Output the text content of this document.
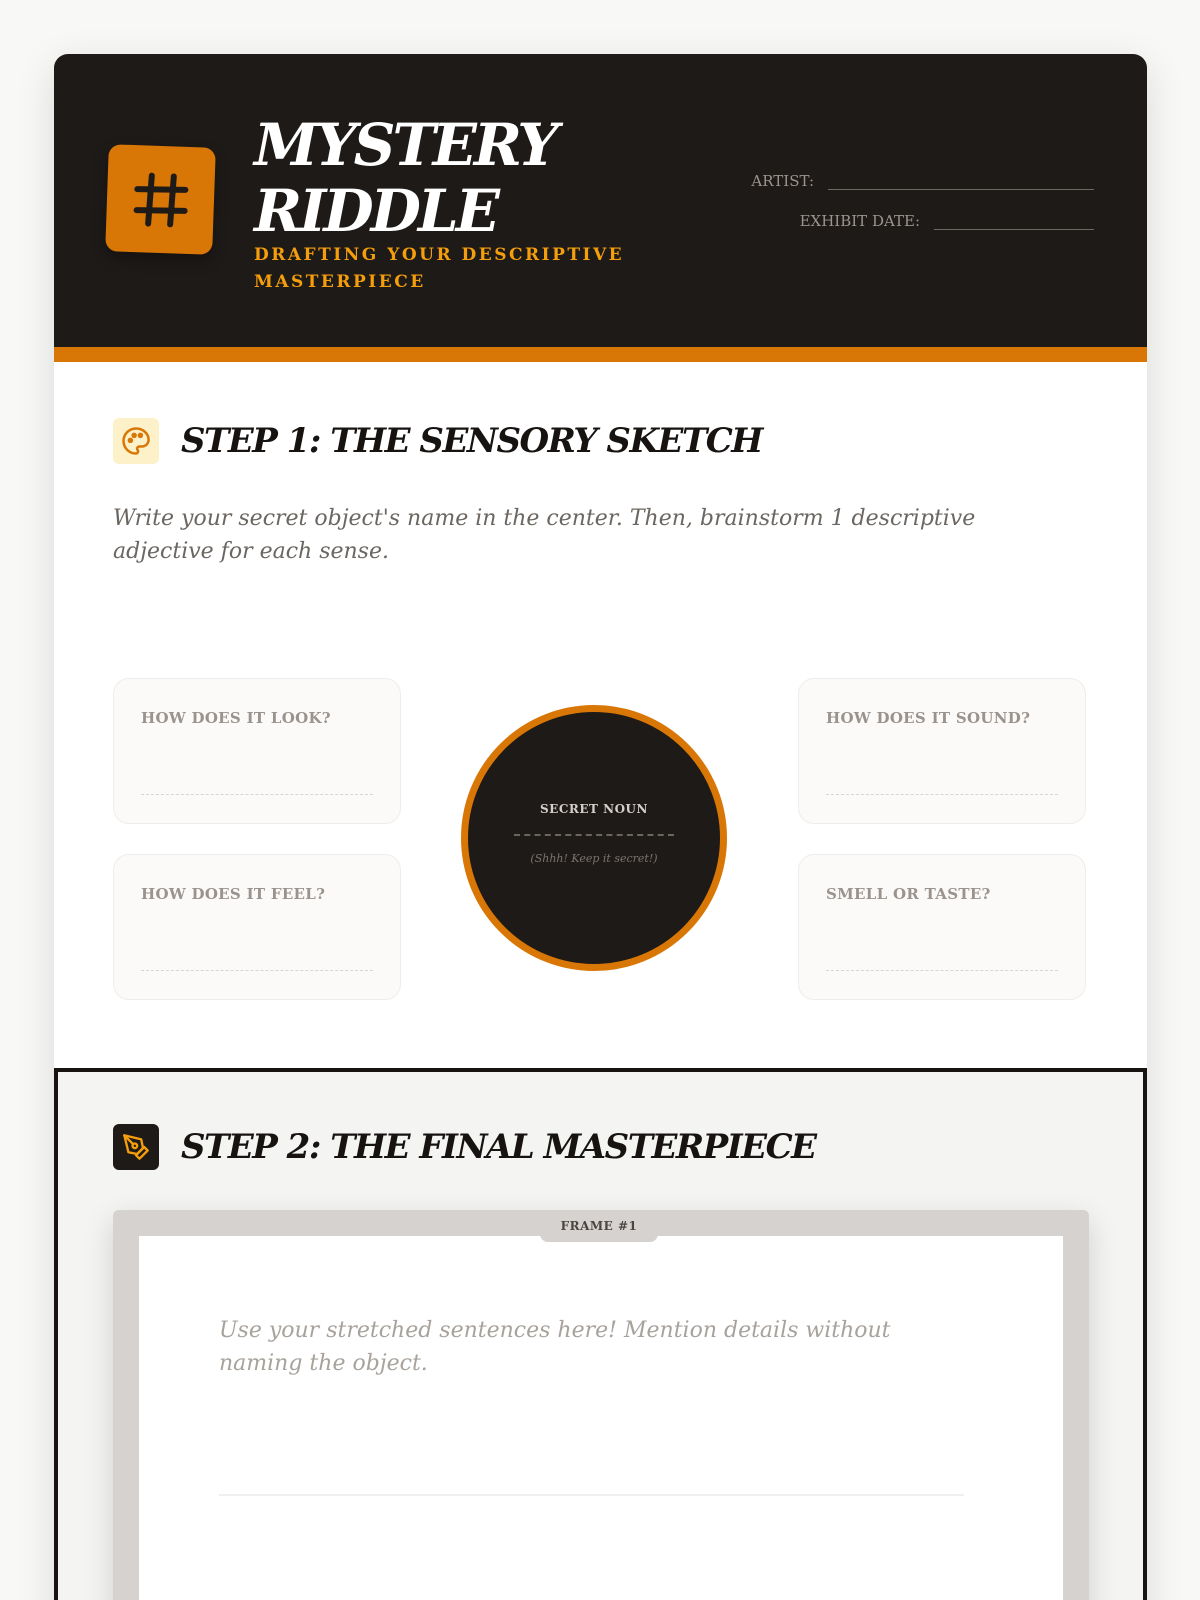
MYSTERY RIDDLE
DRAFTING YOUR DESCRIPTIVE MASTERPIECE
ARTIST:
EXHIBIT DATE:
STEP 1: THE SENSORY SKETCH
Write your secret object's name in the center. Then, brainstorm 1 descriptive adjective for each sense.
HOW DOES IT LOOK?
HOW DOES IT FEEL?
HOW DOES IT SOUND?
SMELL OR TASTE?
SECRET NOUN
(Shhh! Keep it secret!)
STEP 2: THE FINAL MASTERPIECE
FRAME #1
Use your stretched sentences here! Mention details without naming the object.
